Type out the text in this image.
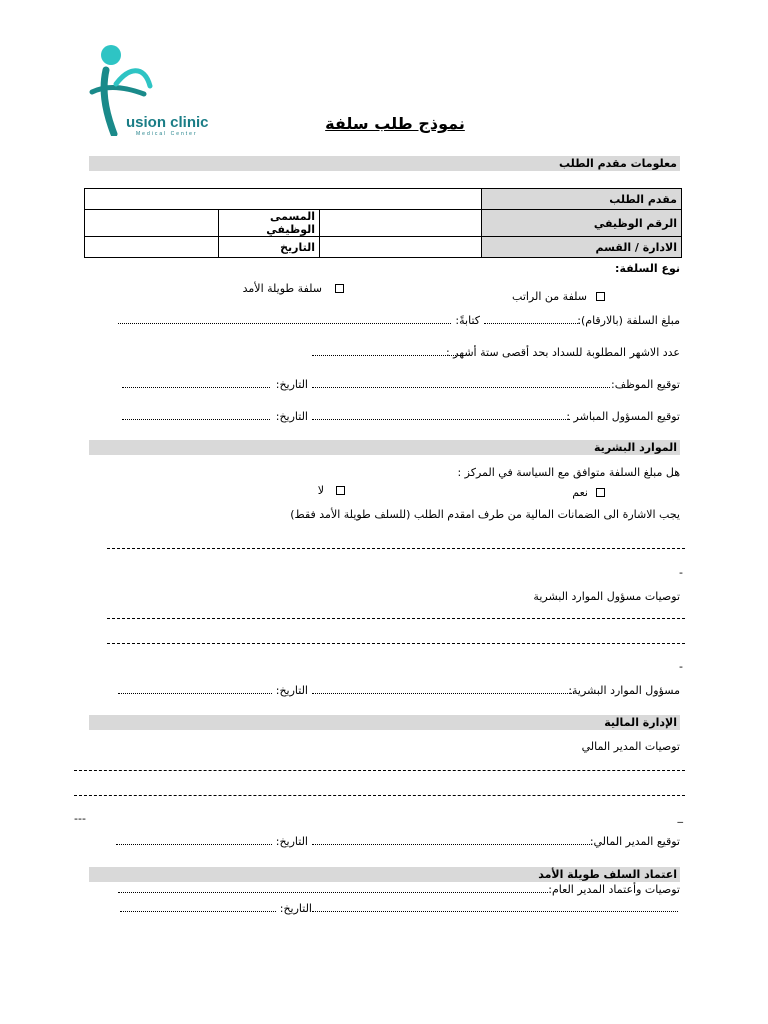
usion clinic
Medical Center
نموذج طلب سلفة
معلومات مقدم الطلب
			مقدم الطلب
	المسمى الوظيفي		الرقم الوظيفي
	التاريخ		الادارة / القسم
نوع السلفة:
سلفة طويلة الأمد
سلفة من الراتب
مبلغ السلفة (بالارقام):
كتابةً:
عدد الاشهر المطلوبة للسداد بحد أقصى ستة أشهر :
توقيع الموظف:
التاريخ:
توقيع المسؤول المباشر :
التاريخ:
الموارد البشرية
هل مبلغ السلفة متوافق مع السياسة في المركز :
نعم
لا
يجب الاشارة الى الضمانات المالية من طرف امقدم الطلب (للسلف طويلة الأمد فقط)
-
توصيات مسؤول الموارد البشرية
-
مسؤول الموارد البشرية:
التاريخ:
الإدارة المالية
توصيات المدير المالي
_
---
توقيع المدير المالي:
التاريخ:
اعتماد السلف طويلة الأمد
توصيات وأعتماد المدير العام:
التاريخ:
